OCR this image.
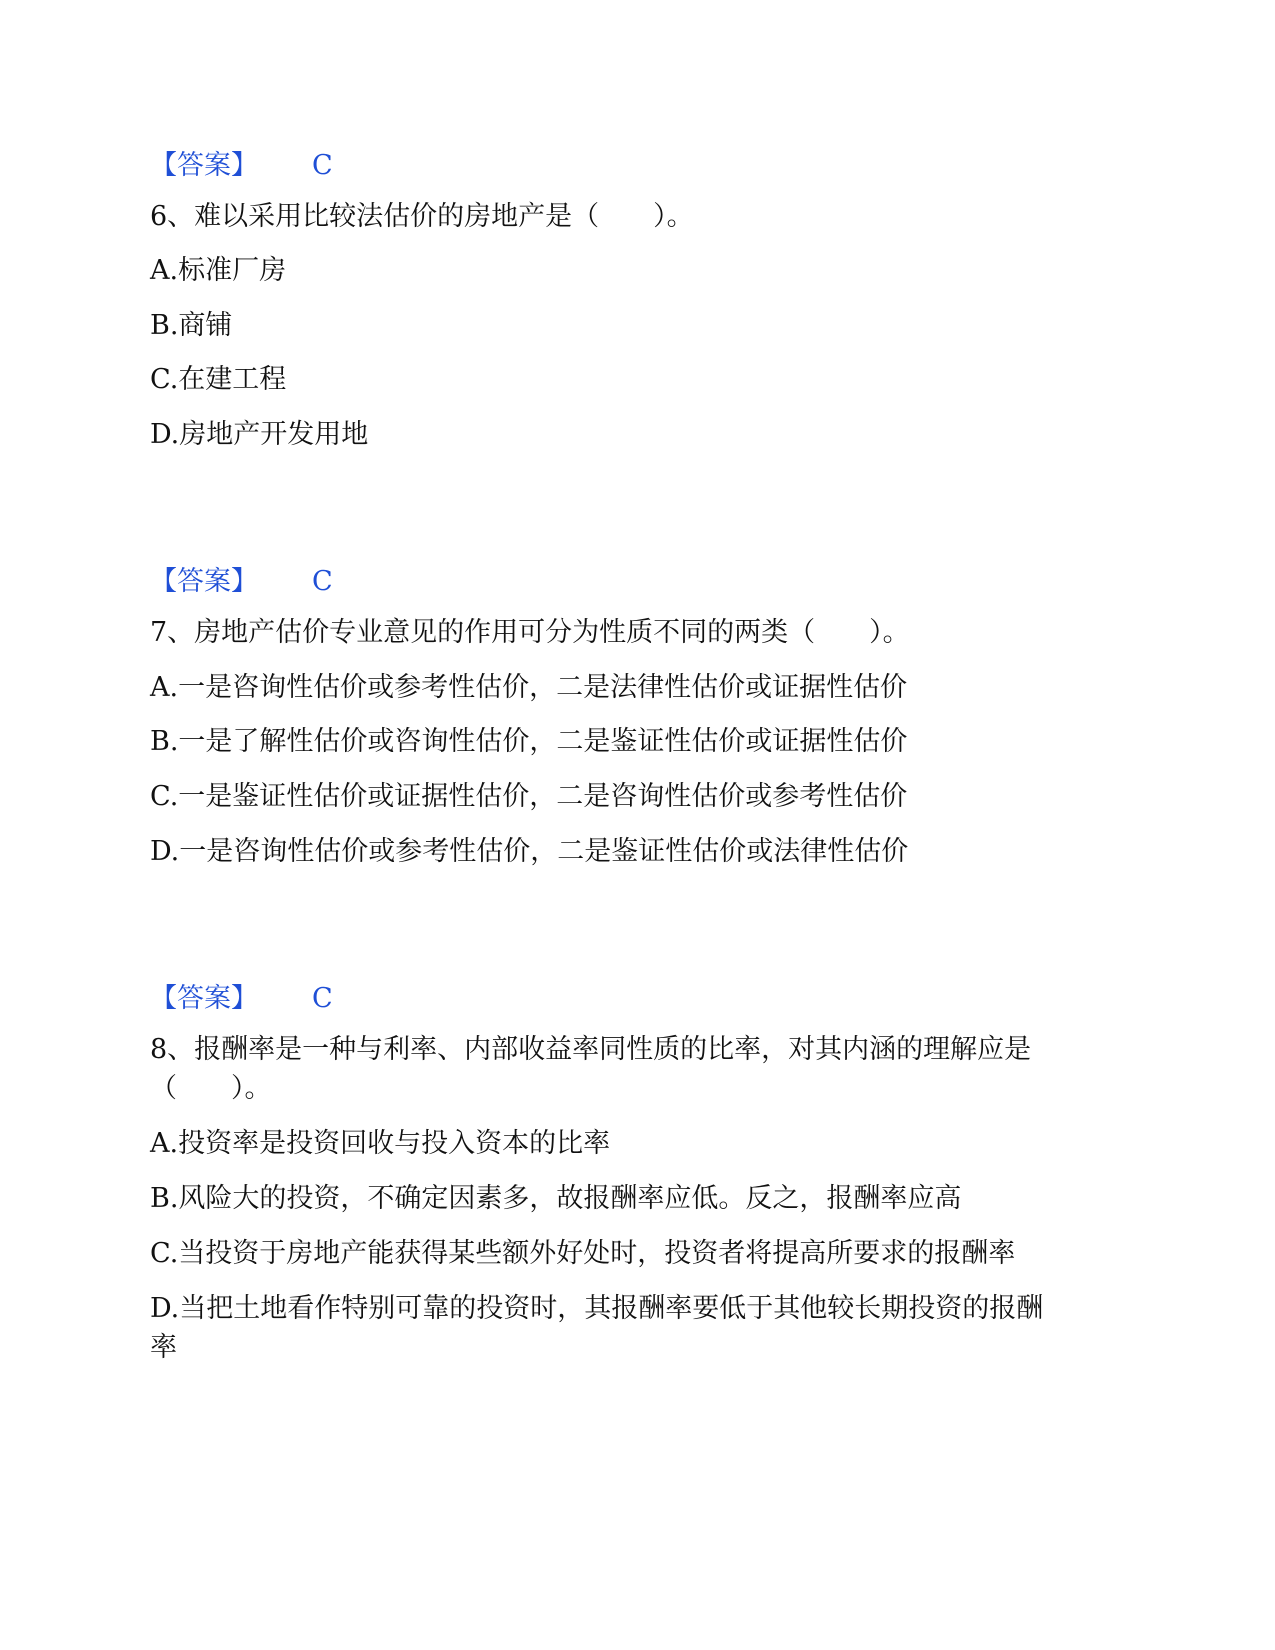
【答案】 C
6、难以采用比较法估价的房地产是（　　）。
A.标准厂房
B.商铺
C.在建工程
D.房地产开发用地
【答案】 C
7、房地产估价专业意见的作用可分为性质不同的两类（　　）。
A.一是咨询性估价或参考性估价，二是法律性估价或证据性估价
B.一是了解性估价或咨询性估价，二是鉴证性估价或证据性估价
C.一是鉴证性估价或证据性估价，二是咨询性估价或参考性估价
D.一是咨询性估价或参考性估价，二是鉴证性估价或法律性估价
【答案】 C
8、报酬率是一种与利率、内部收益率同性质的比率，对其内涵的理解应是
（　　）。
A.投资率是投资回收与投入资本的比率
B.风险大的投资，不确定因素多，故报酬率应低。反之，报酬率应高
C.当投资于房地产能获得某些额外好处时，投资者将提高所要求的报酬率
D.当把土地看作特别可靠的投资时，其报酬率要低于其他较长期投资的报酬
率
